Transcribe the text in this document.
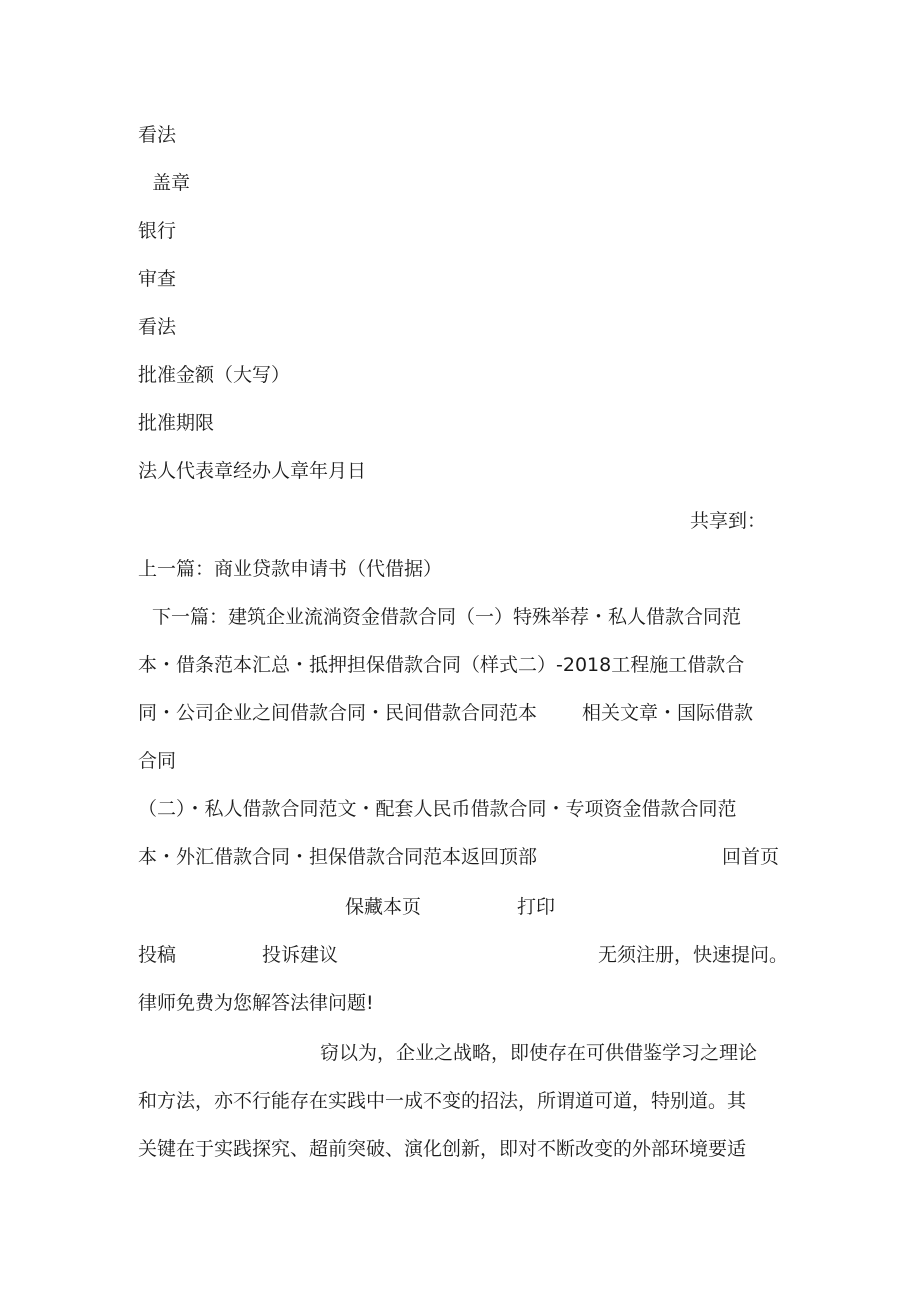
看法
盖章
银行
审查
看法
批准金额（大写）
批准期限
法人代表章经办人章年月日
共享到：
上一篇：商业贷款申请书（代借据）
下一篇：建筑企业流淌资金借款合同（一）特殊举荐・私人借款合同范
本・借条范本汇总・抵押担保借款合同（样式二）-2018工程施工借款合
同・公司企业之间借款合同・民间借款合同范本 相关文章・国际借款
合同
（二）・私人借款合同范文・配套人民币借款合同・专项资金借款合同范
本・外汇借款合同・担保借款合同范本返回顶部	回首页
保藏本页	打印
投稿	投诉建议	无须注册，快速提问。
律师免费为您解答法律问题!
窃以为，企业之战略，即使存在可供借鉴学习之理论
和方法，亦不行能存在实践中一成不变的招法，所谓道可道，特别道。其
关键在于实践探究、超前突破、演化创新，即对不断改变的外部环境要适
